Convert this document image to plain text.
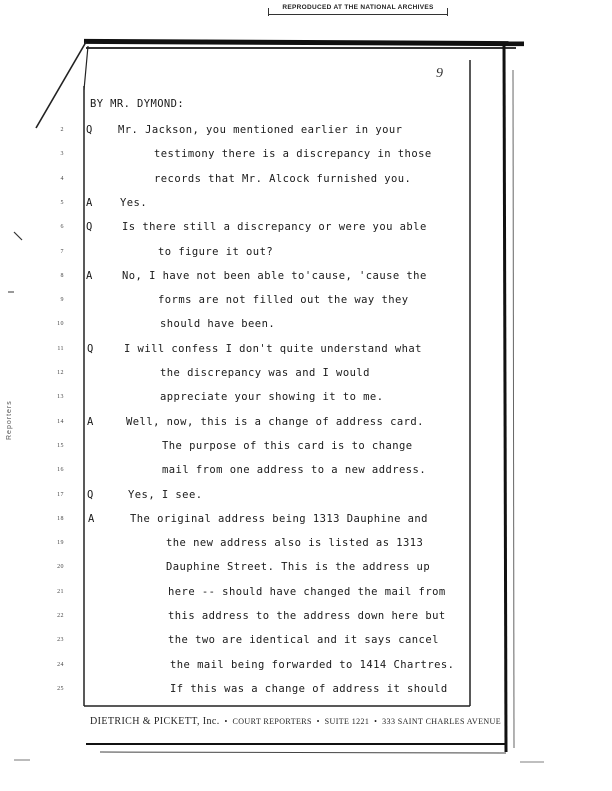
REPRODUCED AT THE NATIONAL ARCHIVES
9
BY MR. DYMOND:
2 Q	Mr. Jackson, you mentioned earlier in your
3	testimony there is a discrepancy in those
4	records that Mr. Alcock furnished you.
5 A	Yes.
6 Q	Is there still a discrepancy or were you able
7	to figure it out?
8 A	No, I have not been able to'cause, 'cause the
9	forms are not filled out the way they
10	should have been.
11 Q	I will confess I don't quite understand what
12	the discrepancy was and I would
13	appreciate your showing it to me.
14 A	Well, now, this is a change of address card.
15	The purpose of this card is to change
16	mail from one address to a new address.
17 Q	Yes, I see.
18 A	The original address being 1313 Dauphine and
19	the new address also is listed as 1313
20	Dauphine Street. This is the address up
21	here -- should have changed the mail from
22	this address to the address down here but
23	the two are identical and it says cancel
24	the mail being forwarded to 1414 Chartres.
25	If this was a change of address it should
DIETRICH & PICKETT, Inc.  •  COURT REPORTERS  •  SUITE 1221  •  333 SAINT CHARLES AVENUE
Reporters
